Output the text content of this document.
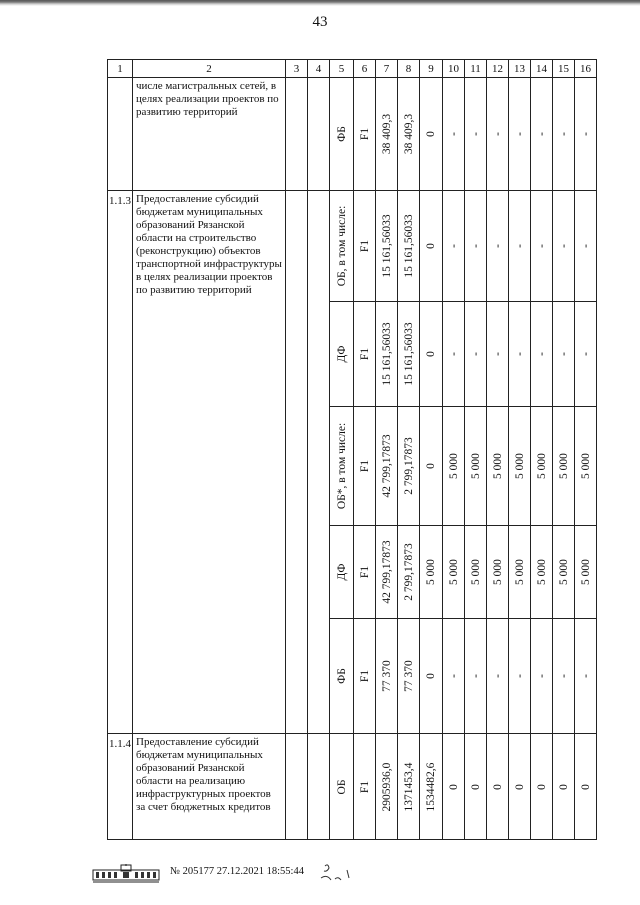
43
1	2	3	4	5	6	7	8	9	10	11	12	13	14	15	16
	числе магистральных сетей, в целях реализации проектов по развитию территорий			ФБ	F1	38 409,3	38 409,3	0	-	-	-	-	-	-	-

1.1.3	Предоставление субсидий бюджетам муниципальных образований Рязанской области на строительство (реконструкцию) объектов транспортной инфраструктуры в целях реализации проектов по развитию территорий			ОБ, в том числе:	F1	15 161,56033	15 161,56033	0	-	-	-	-	-	-	-

				ДФ	F1	15 161,56033	15 161,56033	0	-	-	-	-	-	-	-

				ОБ*, в том числе:	F1	42 799,17873	2 799,17873	0	5 000	5 000	5 000	5 000	5 000	5 000	5 000

				ДФ	F1	42 799,17873	2 799,17873	5 000	5 000	5 000	5 000	5 000	5 000	5 000	5 000

				ФБ	F1	77 370	77 370	0	-	-	-	-	-	-	-

1.1.4	Предоставление субсидий бюджетам муниципальных образований Рязанской области на реализацию инфраструктурных проектов за счет бюджетных кредитов			ОБ	F1	2905936,0	1371453,4	1534482,6	0	0	0	0	0	0	0
№ 205177 27.12.2021 18:55:44
